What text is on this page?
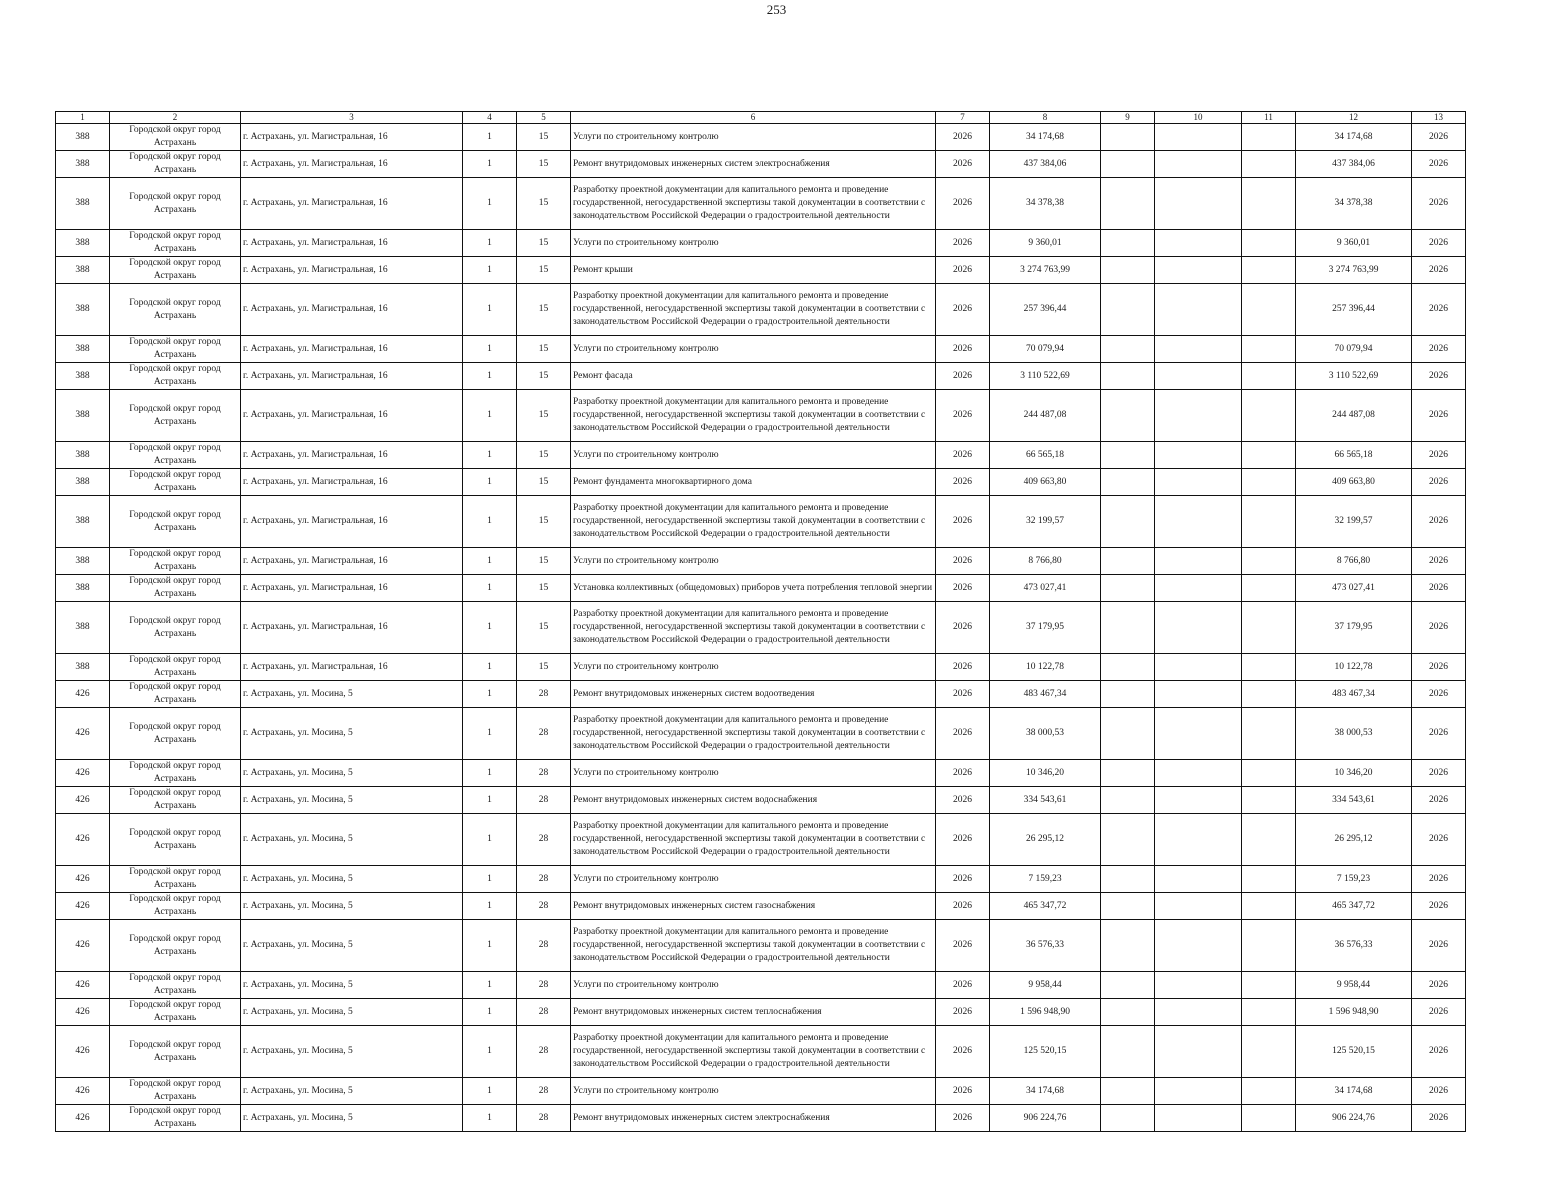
253
1	2	3	4	5	6	7	8	9	10	11	12	13
388	Городской округ город Астрахань	г. Астрахань, ул. Магистральная, 16	1	15	Услуги по строительному контролю	2026	34 174,68				34 174,68	2026
388	Городской округ город Астрахань	г. Астрахань, ул. Магистральная, 16	1	15	Ремонт внутридомовых инженерных систем электроснабжения	2026	437 384,06				437 384,06	2026
388	Городской округ город Астрахань	г. Астрахань, ул. Магистральная, 16	1	15	Разработку проектной документации для капитального ремонта и проведение государственной, негосударственной экспертизы такой документации в соответствии с законодательством Российской Федерации о градостроительной деятельности	2026	34 378,38				34 378,38	2026
388	Городской округ город Астрахань	г. Астрахань, ул. Магистральная, 16	1	15	Услуги по строительному контролю	2026	9 360,01				9 360,01	2026
388	Городской округ город Астрахань	г. Астрахань, ул. Магистральная, 16	1	15	Ремонт крыши	2026	3 274 763,99				3 274 763,99	2026
388	Городской округ город Астрахань	г. Астрахань, ул. Магистральная, 16	1	15	Разработку проектной документации для капитального ремонта и проведение государственной, негосударственной экспертизы такой документации в соответствии с законодательством Российской Федерации о градостроительной деятельности	2026	257 396,44				257 396,44	2026
388	Городской округ город Астрахань	г. Астрахань, ул. Магистральная, 16	1	15	Услуги по строительному контролю	2026	70 079,94				70 079,94	2026
388	Городской округ город Астрахань	г. Астрахань, ул. Магистральная, 16	1	15	Ремонт фасада	2026	3 110 522,69				3 110 522,69	2026
388	Городской округ город Астрахань	г. Астрахань, ул. Магистральная, 16	1	15	Разработку проектной документации для капитального ремонта и проведение государственной, негосударственной экспертизы такой документации в соответствии с законодательством Российской Федерации о градостроительной деятельности	2026	244 487,08				244 487,08	2026
388	Городской округ город Астрахань	г. Астрахань, ул. Магистральная, 16	1	15	Услуги по строительному контролю	2026	66 565,18				66 565,18	2026
388	Городской округ город Астрахань	г. Астрахань, ул. Магистральная, 16	1	15	Ремонт фундамента многоквартирного дома	2026	409 663,80				409 663,80	2026
388	Городской округ город Астрахань	г. Астрахань, ул. Магистральная, 16	1	15	Разработку проектной документации для капитального ремонта и проведение государственной, негосударственной экспертизы такой документации в соответствии с законодательством Российской Федерации о градостроительной деятельности	2026	32 199,57				32 199,57	2026
388	Городской округ город Астрахань	г. Астрахань, ул. Магистральная, 16	1	15	Услуги по строительному контролю	2026	8 766,80				8 766,80	2026
388	Городской округ город Астрахань	г. Астрахань, ул. Магистральная, 16	1	15	Установка коллективных (общедомовых) приборов учета потребления тепловой энергии	2026	473 027,41				473 027,41	2026
388	Городской округ город Астрахань	г. Астрахань, ул. Магистральная, 16	1	15	Разработку проектной документации для капитального ремонта и проведение государственной, негосударственной экспертизы такой документации в соответствии с законодательством Российской Федерации о градостроительной деятельности	2026	37 179,95				37 179,95	2026
388	Городской округ город Астрахань	г. Астрахань, ул. Магистральная, 16	1	15	Услуги по строительному контролю	2026	10 122,78				10 122,78	2026
426	Городской округ город Астрахань	г. Астрахань, ул. Мосина, 5	1	28	Ремонт внутридомовых инженерных систем водоотведения	2026	483 467,34				483 467,34	2026
426	Городской округ город Астрахань	г. Астрахань, ул. Мосина, 5	1	28	Разработку проектной документации для капитального ремонта и проведение государственной, негосударственной экспертизы такой документации в соответствии с законодательством Российской Федерации о градостроительной деятельности	2026	38 000,53				38 000,53	2026
426	Городской округ город Астрахань	г. Астрахань, ул. Мосина, 5	1	28	Услуги по строительному контролю	2026	10 346,20				10 346,20	2026
426	Городской округ город Астрахань	г. Астрахань, ул. Мосина, 5	1	28	Ремонт внутридомовых инженерных систем водоснабжения	2026	334 543,61				334 543,61	2026
426	Городской округ город Астрахань	г. Астрахань, ул. Мосина, 5	1	28	Разработку проектной документации для капитального ремонта и проведение государственной, негосударственной экспертизы такой документации в соответствии с законодательством Российской Федерации о градостроительной деятельности	2026	26 295,12				26 295,12	2026
426	Городской округ город Астрахань	г. Астрахань, ул. Мосина, 5	1	28	Услуги по строительному контролю	2026	7 159,23				7 159,23	2026
426	Городской округ город Астрахань	г. Астрахань, ул. Мосина, 5	1	28	Ремонт внутридомовых инженерных систем газоснабжения	2026	465 347,72				465 347,72	2026
426	Городской округ город Астрахань	г. Астрахань, ул. Мосина, 5	1	28	Разработку проектной документации для капитального ремонта и проведение государственной, негосударственной экспертизы такой документации в соответствии с законодательством Российской Федерации о градостроительной деятельности	2026	36 576,33				36 576,33	2026
426	Городской округ город Астрахань	г. Астрахань, ул. Мосина, 5	1	28	Услуги по строительному контролю	2026	9 958,44				9 958,44	2026
426	Городской округ город Астрахань	г. Астрахань, ул. Мосина, 5	1	28	Ремонт внутридомовых инженерных систем теплоснабжения	2026	1 596 948,90				1 596 948,90	2026
426	Городской округ город Астрахань	г. Астрахань, ул. Мосина, 5	1	28	Разработку проектной документации для капитального ремонта и проведение государственной, негосударственной экспертизы такой документации в соответствии с законодательством Российской Федерации о градостроительной деятельности	2026	125 520,15				125 520,15	2026
426	Городской округ город Астрахань	г. Астрахань, ул. Мосина, 5	1	28	Услуги по строительному контролю	2026	34 174,68				34 174,68	2026
426	Городской округ город Астрахань	г. Астрахань, ул. Мосина, 5	1	28	Ремонт внутридомовых инженерных систем электроснабжения	2026	906 224,76				906 224,76	2026
